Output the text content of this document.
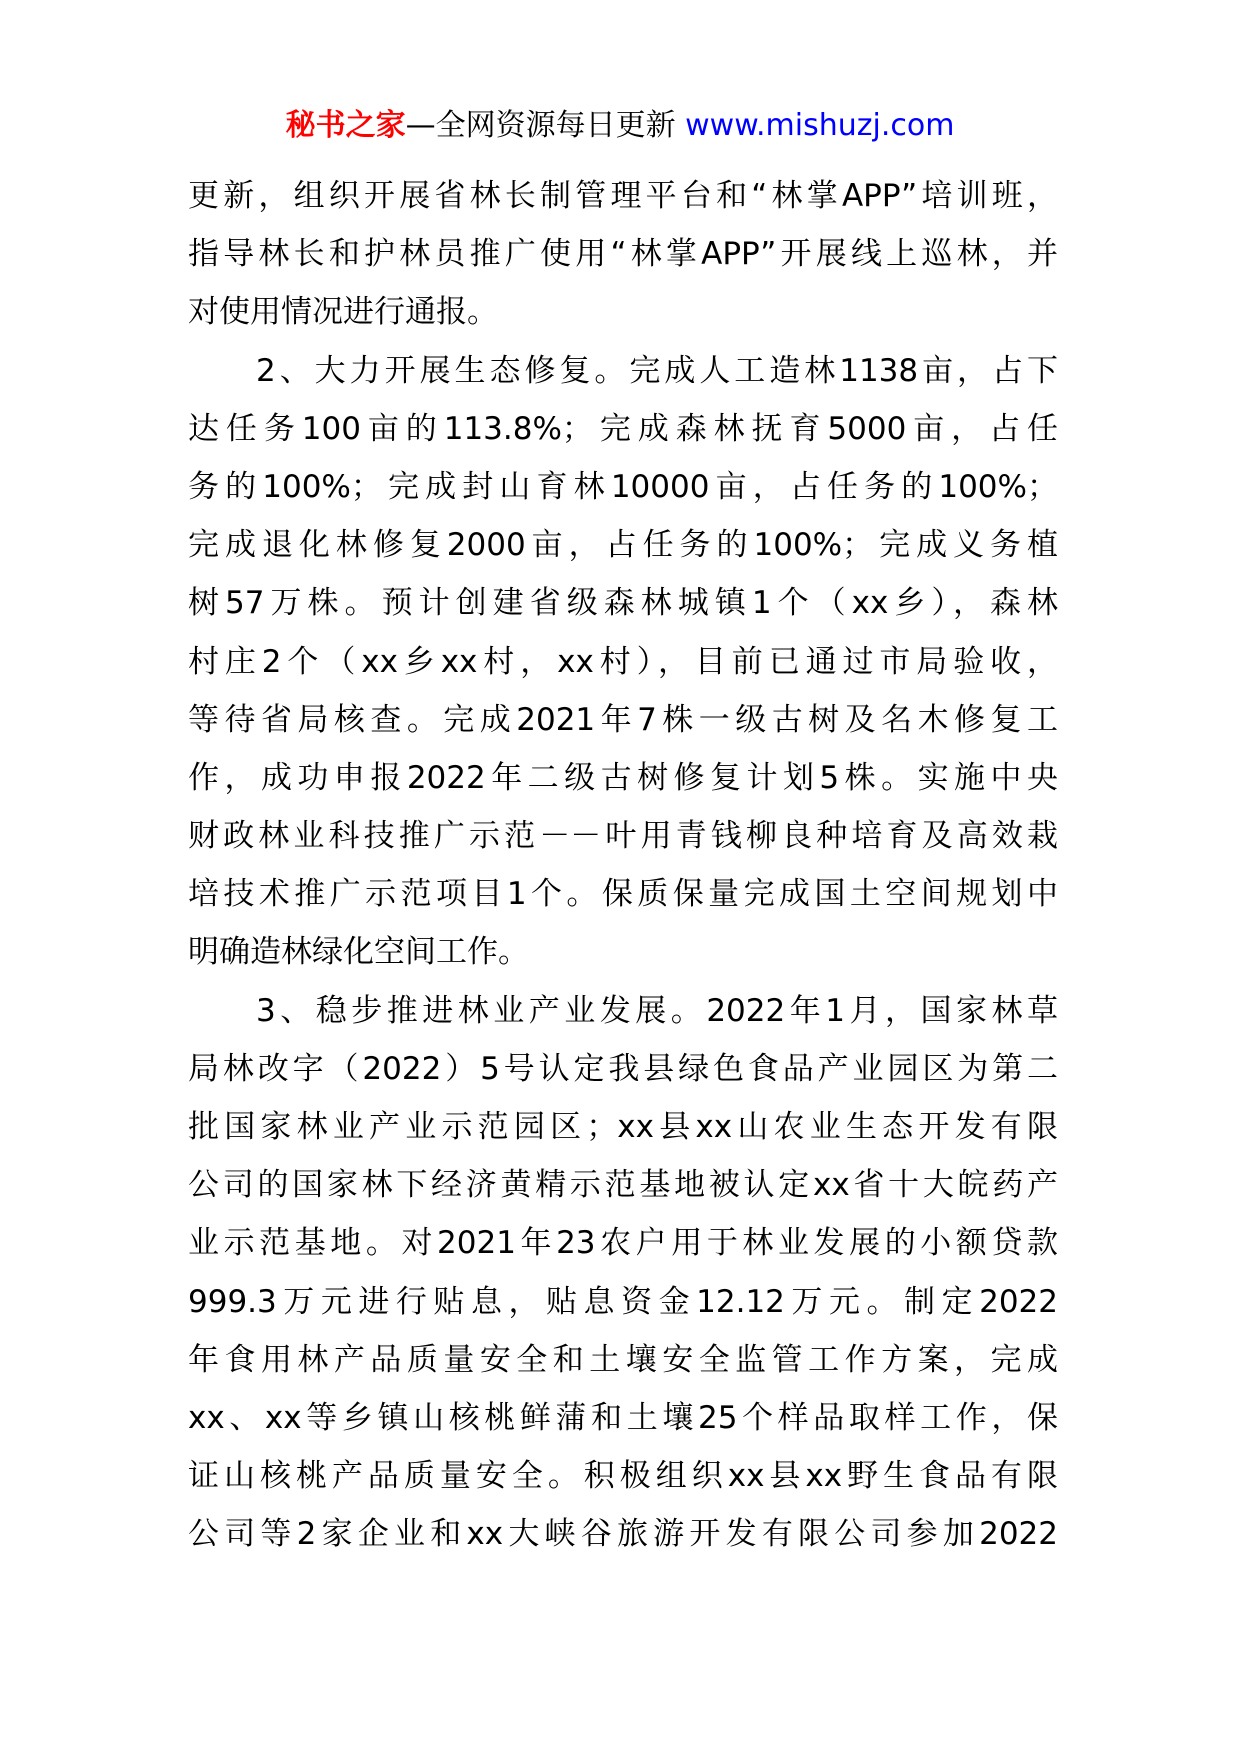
秘书之家—全网资源每日更新 www.mishuzj.com
更新，组织开展省林长制管理平台和“林掌APP”培训班，
指导林长和护林员推广使用“林掌APP”开展线上巡林，并
对使用情况进行通报。
2、大力开展生态修复。完成人工造林1138亩，占下
达任务100亩的113.8%；完成森林抚育5000亩，占任
务的100%；完成封山育林10000亩，占任务的100%；
完成退化林修复2000亩，占任务的100%；完成义务植
树57万株。预计创建省级森林城镇1个（xx乡），森林
村庄2个（xx乡xx村，xx村），目前已通过市局验收，
等待省局核查。完成2021年7株一级古树及名木修复工
作，成功申报2022年二级古树修复计划5株。实施中央
财政林业科技推广示范－－叶用青钱柳良种培育及高效栽
培技术推广示范项目1个。保质保量完成国土空间规划中
明确造林绿化空间工作。
3、稳步推进林业产业发展。2022年1月，国家林草
局林改字（2022）5号认定我县绿色食品产业园区为第二
批国家林业产业示范园区；xx县xx山农业生态开发有限
公司的国家林下经济黄精示范基地被认定xx省十大皖药产
业示范基地。对2021年23农户用于林业发展的小额贷款
999.3万元进行贴息，贴息资金12.12万元。制定2022
年食用林产品质量安全和土壤安全监管工作方案，完成
xx、xx等乡镇山核桃鲜蒲和土壤25个样品取样工作，保
证山核桃产品质量安全。积极组织xx县xx野生食品有限
公司等2家企业和xx大峡谷旅游开发有限公司参加2022
